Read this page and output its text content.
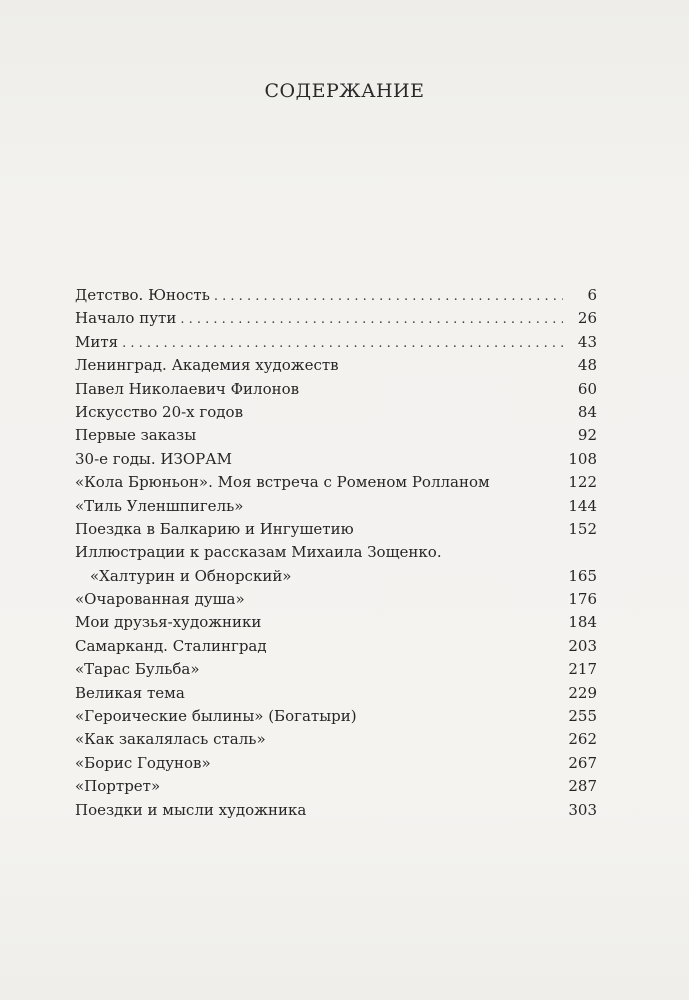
СОДЕРЖАНИЕ
Детство. Юность . . .	6
Начало пути . . .	26
Митя . . .	43
Ленинград. Академия художеств	48
Павел Николаевич Филонов	60
Искусство 20-х годов	84
Первые заказы	92
30-е годы. ИЗОРАМ	108
«Кола Брюньон». Моя встреча с Роменом Ролланом	122
«Тиль Уленшпигель»	144
Поездка в Балкарию и Ингушетию	152
Иллюстрации к рассказам Михаила Зощенко.
«Халтурин и Обнорский»	165
«Очарованная душа»	176
Мои друзья-художники	184
Самарканд. Сталинград	203
«Тарас Бульба»	217
Великая тема	229
«Героические былины» (Богатыри)	255
«Как закалялась сталь»	262
«Борис Годунов»	267
«Портрет»	287
Поездки и мысли художника	303
